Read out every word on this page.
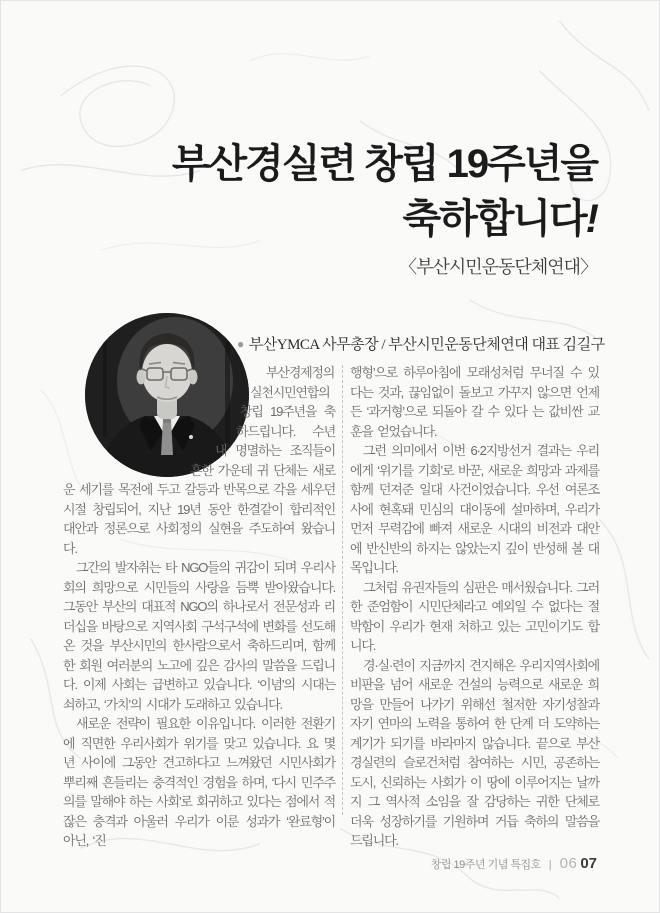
부산경실련 창립 19주년을
축하합니다!
〈부산시민운동단체연대〉
● 부산YMCA 사무총장 / 부산시민운동단체연대 대표 김길구

부산경제정의 실천시민연합의 창립 19주년을 축하드립니다. 수년 내 명멸하는 조직들이 흔한 가운데 귀 단체는 새로운 세기를 목전에 두고 갈등과 반목으로 각을 세우던 시절 창립되어, 지난 19년 동안 한결같이 합리적인 대안과 정론으로 사회정의 실현을 주도하여 왔습니다.

그간의 발자취는 타 NGO들의 귀감이 되며 우리사회의 희망으로 시민들의 사랑을 듬뿍 받아왔습니다. 그동안 부산의 대표적 NGO의 하나로서 전문성과 리더십을 바탕으로 지역사회 구석구석에 변화를 선도해 온 것을 부산시민의 한사람으로서 축하드리며, 함께한 회원 여러분의 노고에 깊은 감사의 말씀을 드립니다. 이제 사회는 급변하고 있습니다. ‘이념’의 시대는 쇠하고, ‘가치’의 시대가 도래하고 있습니다.

새로운 전략이 필요한 이유입니다. 이러한 전환기에 직면한 우리사회가 위기를 맞고 있습니다. 요 몇 년 사이에 그동안 견고하다고 느껴왔던 시민사회가 뿌리째 흔들리는 충격적인 경험을 하며, ‘다시 민주주의를 말해야 하는 사회’로 회귀하고 있다는 점에서 적잖은 충격과 아울러 우리가 이룬 성과가 ‘완료형’이 아닌, ‘진

행형’으로 하루아침에 모래성처럼 무너질 수 있다는 것과, 끊임없이 돌보고 가꾸지 않으면 언제든 ‘과거형’으로 되돌아 갈 수 있다 는 값비싼 교훈을 얻었습니다.

그런 의미에서 이번 6·2지방선거 결과는 우리에게 ‘위기를 기회’로 바꾼, 새로운 희망과 과제를 함께 던져준 일대 사건이었습니다. 우선 여론조사에 현혹돼 민심의 대이동에 설마하며, 우리가 먼저 무력감에 빠져 새로운 시대의 비전과 대안에 반신반의 하지는 않았는지 깊이 반성해 볼 대목입니다.

그처럼 유권자들의 심판은 매서웠습니다. 그러한 준엄함이 시민단체라고 예외일 수 없다는 절박함이 우리가 현재 처하고 있는 고민이기도 합니다.

경·실·련이 지금까지 견지해온 우리지역사회에 비판을 넘어 새로운 건설의 능력으로 새로운 희망을 만들어 나가기 위해선 철저한 자기성찰과 자기 연마의 노력을 통하여 한 단계 더 도약하는 계기가 되기를 바라마지 않습니다. 끝으로 부산경실련의 슬로건처럼 참여하는 시민, 공존하는 도시, 신뢰하는 사회가 이 땅에 이루어지는 날까지 그 역사적 소임을 잘 감당하는 귀한 단체로 더욱 성장하기를 기원하며 거듭 축하의 말씀을 드립니다.

창립 19주년 기념 특집호 | 06 07
